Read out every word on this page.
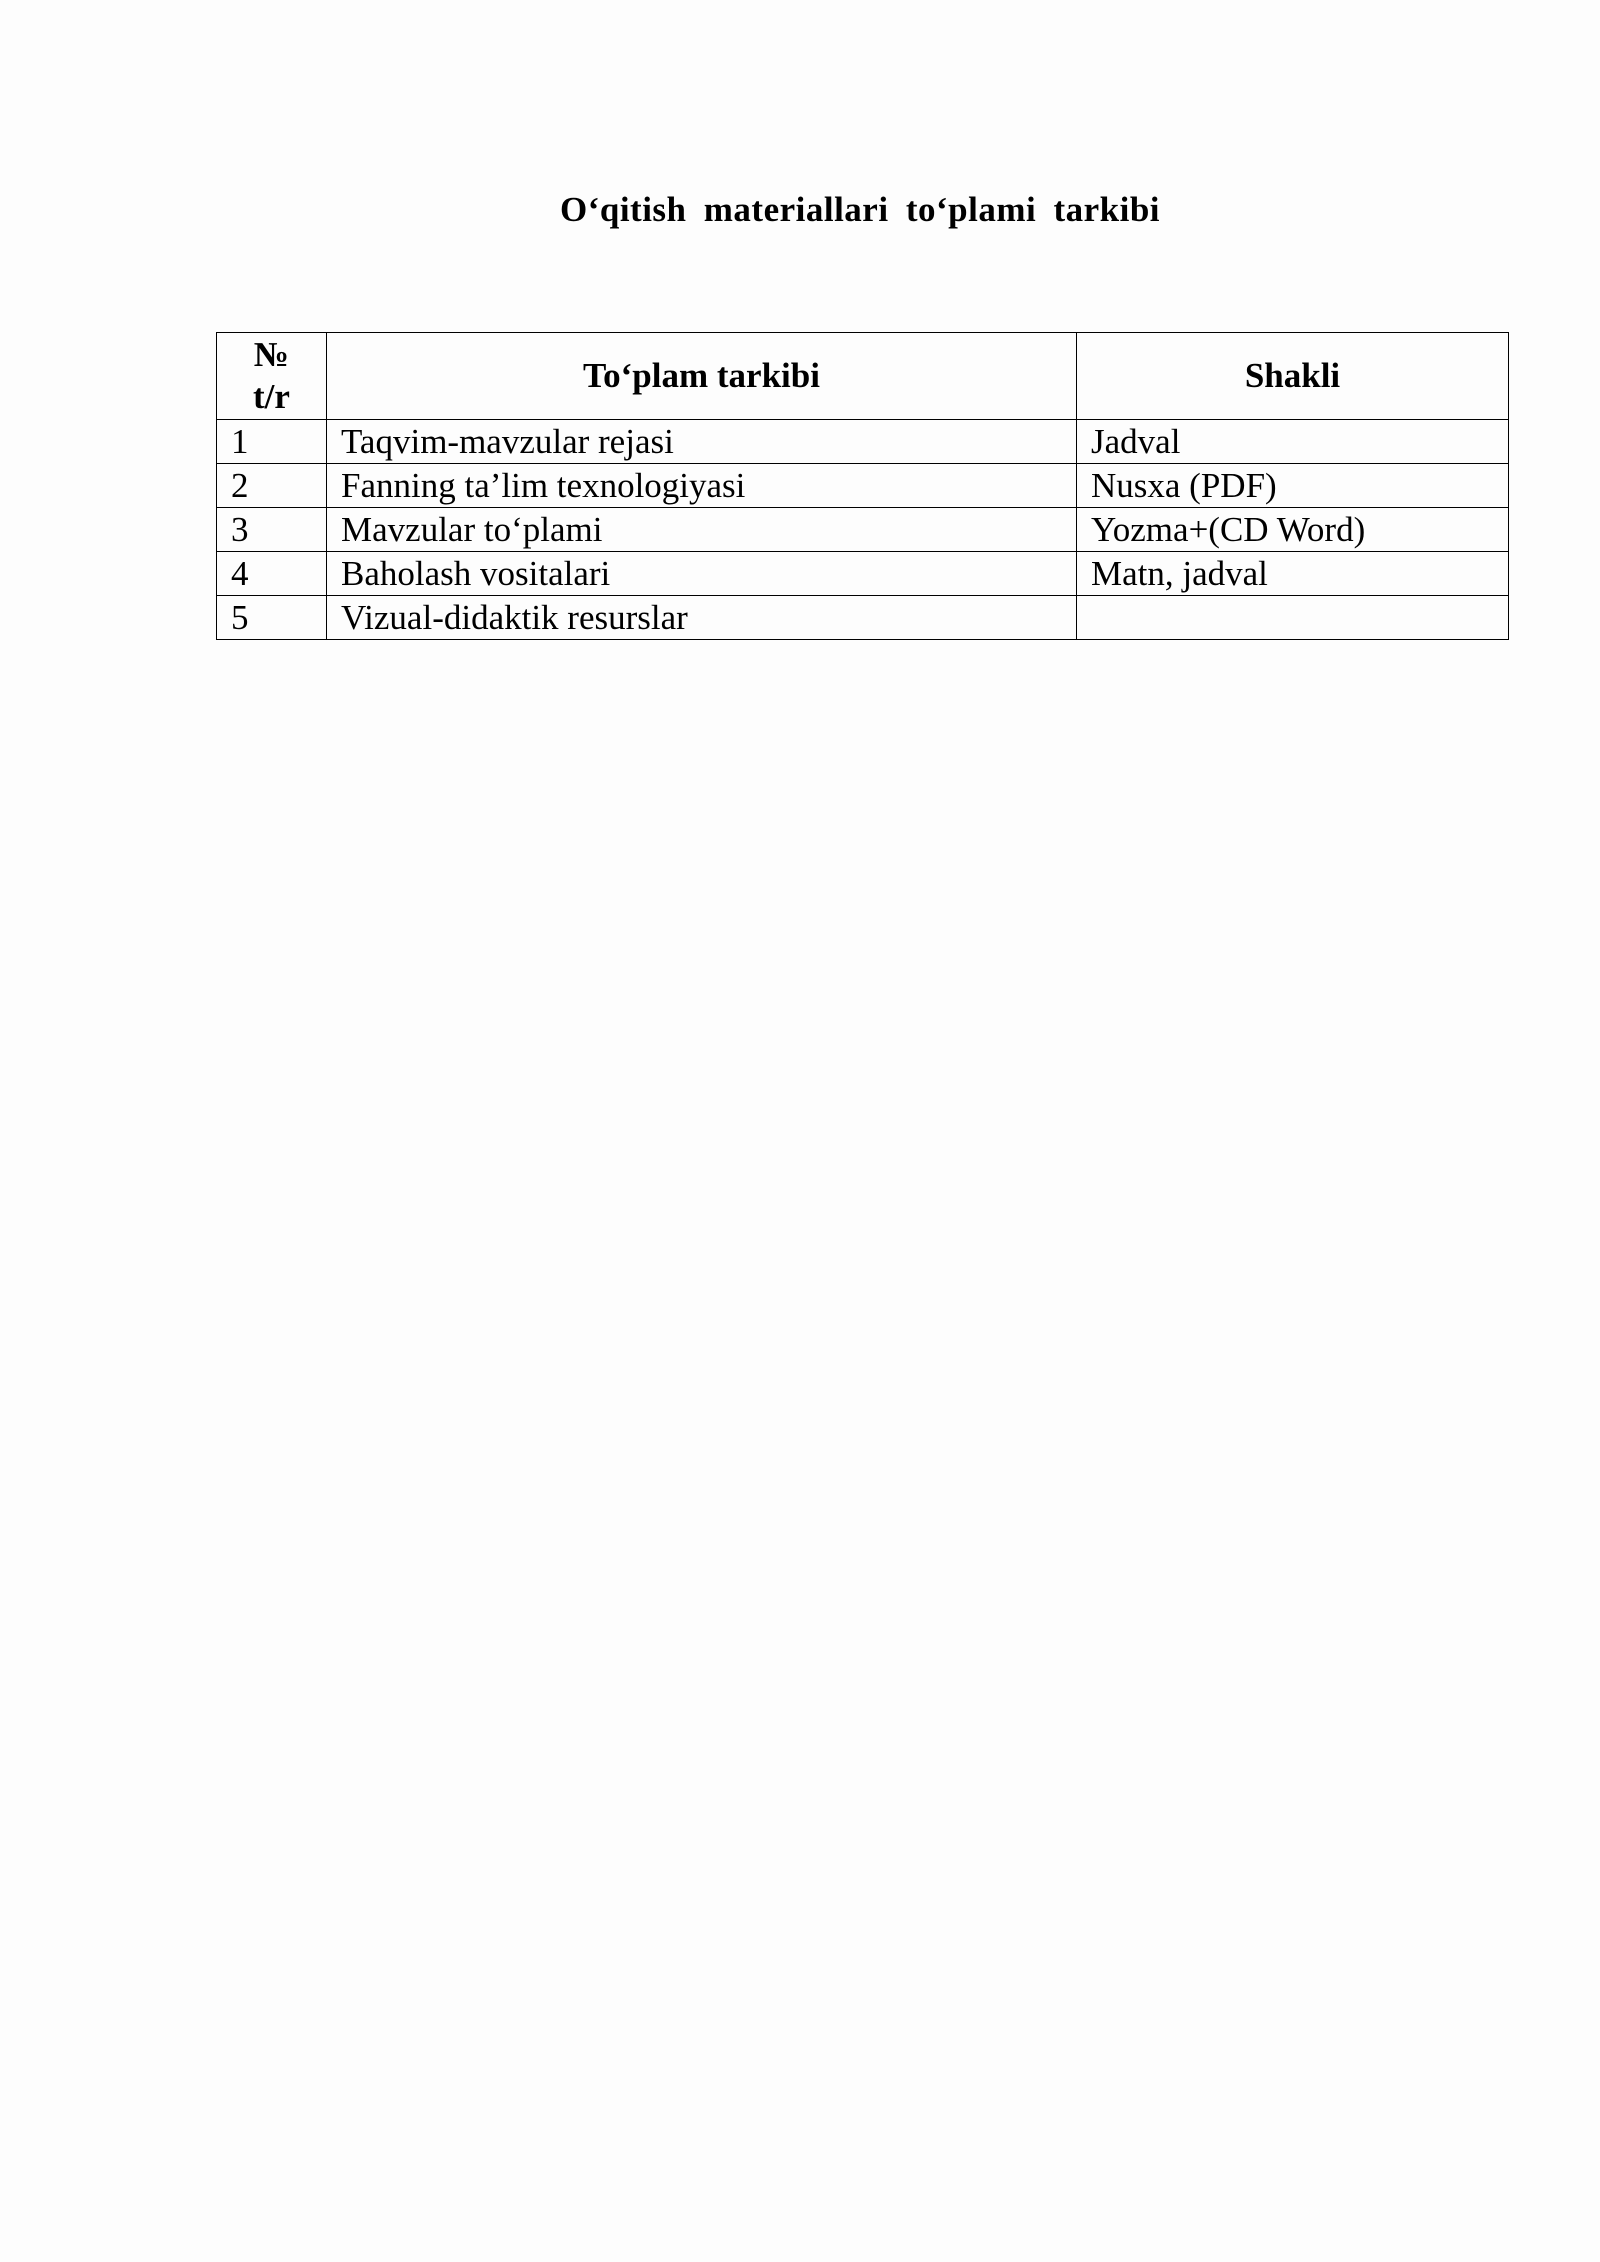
O‘qitish materiallari to‘plami tarkibi
№
t/r	To‘plam tarkibi	Shakli
1	Taqvim-mavzular rejasi	Jadval
2	Fanning ta’lim texnologiyasi	Nusxa (PDF)
3	Mavzular to‘plami	Yozma+(CD Word)
4	Baholash vositalari	Matn, jadval
5	Vizual-didaktik resurslar	
